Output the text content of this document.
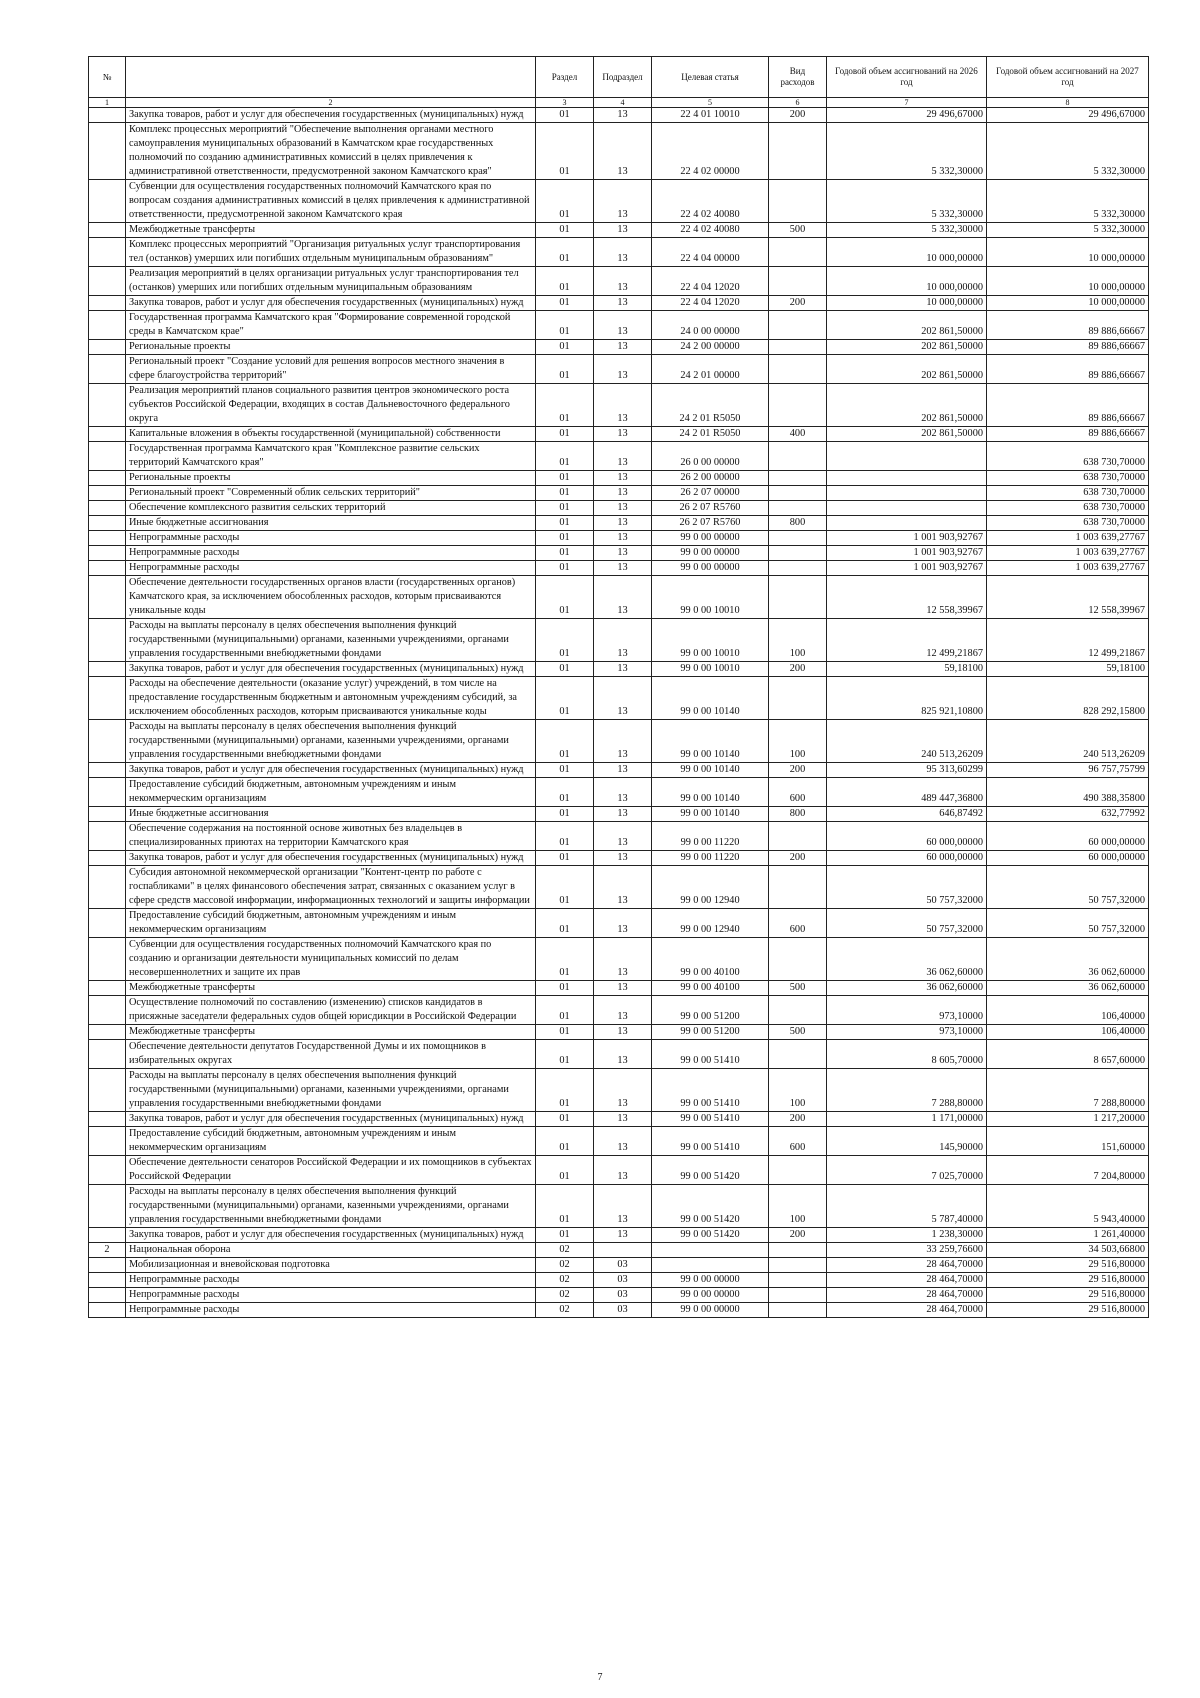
№		Раздел	Подраздел	Целевая статья	Вид расходов	Годовой объем ассигнований на 2026 год	Годовой объем ассигнований на 2027 год
1	2	3	4	5	6	7	8
	Закупка товаров, работ и услуг для обеспечения государственных (муниципальных) нужд	01	13	22 4 01 10010	200	29 496,67000	29 496,67000
	Комплекс процессных мероприятий "Обеспечение выполнения органами местного самоуправления муниципальных образований в Камчатском крае государственных полномочий по созданию административных комиссий в целях привлечения к административной ответственности, предусмотренной законом Камчатского края"	01	13	22 4 02 00000		5 332,30000	5 332,30000
	Субвенции для осуществления государственных полномочий Камчатского края по вопросам создания административных комиссий в целях привлечения к административной ответственности, предусмотренной законом Камчатского края	01	13	22 4 02 40080		5 332,30000	5 332,30000
	Межбюджетные трансферты	01	13	22 4 02 40080	500	5 332,30000	5 332,30000
	Комплекс процессных мероприятий "Организация ритуальных услуг транспортирования тел (останков) умерших или погибших отдельным муниципальным образованиям"	01	13	22 4 04 00000		10 000,00000	10 000,00000
	Реализация мероприятий в целях организации ритуальных услуг транспортирования тел (останков) умерших или погибших отдельным муниципальным образованиям	01	13	22 4 04 12020		10 000,00000	10 000,00000
	Закупка товаров, работ и услуг для обеспечения государственных (муниципальных) нужд	01	13	22 4 04 12020	200	10 000,00000	10 000,00000
	Государственная программа Камчатского края "Формирование современной городской среды в Камчатском крае"	01	13	24 0 00 00000		202 861,50000	89 886,66667
	Региональные проекты	01	13	24 2 00 00000		202 861,50000	89 886,66667
	Региональный проект "Создание условий для решения вопросов местного значения в сфере благоустройства территорий"	01	13	24 2 01 00000		202 861,50000	89 886,66667
	Реализация мероприятий планов социального развития центров экономического роста субъектов Российской Федерации, входящих в состав Дальневосточного федерального округа	01	13	24 2 01 R5050		202 861,50000	89 886,66667
	Капитальные вложения в объекты государственной (муниципальной) собственности	01	13	24 2 01 R5050	400	202 861,50000	89 886,66667
	Государственная программа Камчатского края "Комплексное развитие сельских территорий Камчатского края"	01	13	26 0 00 00000			638 730,70000
	Региональные проекты	01	13	26 2 00 00000			638 730,70000
	Региональный проект "Современный облик сельских территорий"	01	13	26 2 07 00000			638 730,70000
	Обеспечение комплексного развития сельских территорий	01	13	26 2 07 R5760			638 730,70000
	Иные бюджетные ассигнования	01	13	26 2 07 R5760	800		638 730,70000
	Непрограммные расходы	01	13	99 0 00 00000		1 001 903,92767	1 003 639,27767
	Непрограммные расходы	01	13	99 0 00 00000		1 001 903,92767	1 003 639,27767
	Непрограммные расходы	01	13	99 0 00 00000		1 001 903,92767	1 003 639,27767
	Обеспечение деятельности государственных органов власти (государственных органов) Камчатского края, за исключением обособленных расходов, которым присваиваются уникальные коды	01	13	99 0 00 10010		12 558,39967	12 558,39967
	Расходы на выплаты персоналу в целях обеспечения выполнения функций государственными (муниципальными) органами, казенными учреждениями, органами управления государственными внебюджетными фондами	01	13	99 0 00 10010	100	12 499,21867	12 499,21867
	Закупка товаров, работ и услуг для обеспечения государственных (муниципальных) нужд	01	13	99 0 00 10010	200	59,18100	59,18100
	Расходы на обеспечение деятельности (оказание услуг) учреждений, в том числе на предоставление государственным бюджетным и автономным учреждениям субсидий, за исключением обособленных расходов, которым присваиваются уникальные коды	01	13	99 0 00 10140		825 921,10800	828 292,15800
	Расходы на выплаты персоналу в целях обеспечения выполнения функций государственными (муниципальными) органами, казенными учреждениями, органами управления государственными внебюджетными фондами	01	13	99 0 00 10140	100	240 513,26209	240 513,26209
	Закупка товаров, работ и услуг для обеспечения государственных (муниципальных) нужд	01	13	99 0 00 10140	200	95 313,60299	96 757,75799
	Предоставление субсидий бюджетным, автономным учреждениям и иным некоммерческим организациям	01	13	99 0 00 10140	600	489 447,36800	490 388,35800
	Иные бюджетные ассигнования	01	13	99 0 00 10140	800	646,87492	632,77992
	Обеспечение содержания на постоянной основе животных без владельцев в специализированных приютах на территории Камчатского края	01	13	99 0 00 11220		60 000,00000	60 000,00000
	Закупка товаров, работ и услуг для обеспечения государственных (муниципальных) нужд	01	13	99 0 00 11220	200	60 000,00000	60 000,00000
	Субсидия автономной некоммерческой организации "Контент-центр по работе с госпабликами" в целях финансового обеспечения затрат, связанных с оказанием услуг в сфере средств массовой информации, информационных технологий и защиты информации	01	13	99 0 00 12940		50 757,32000	50 757,32000
	Предоставление субсидий бюджетным, автономным учреждениям и иным некоммерческим организациям	01	13	99 0 00 12940	600	50 757,32000	50 757,32000
	Субвенции для осуществления государственных полномочий Камчатского края по созданию и организации деятельности муниципальных комиссий по делам несовершеннолетних и защите их прав	01	13	99 0 00 40100		36 062,60000	36 062,60000
	Межбюджетные трансферты	01	13	99 0 00 40100	500	36 062,60000	36 062,60000
	Осуществление полномочий по составлению (изменению) списков кандидатов в присяжные заседатели федеральных судов общей юрисдикции в Российской Федерации	01	13	99 0 00 51200		973,10000	106,40000
	Межбюджетные трансферты	01	13	99 0 00 51200	500	973,10000	106,40000
	Обеспечение деятельности депутатов Государственной Думы и их помощников в избирательных округах	01	13	99 0 00 51410		8 605,70000	8 657,60000
	Расходы на выплаты персоналу в целях обеспечения выполнения функций государственными (муниципальными) органами, казенными учреждениями, органами управления государственными внебюджетными фондами	01	13	99 0 00 51410	100	7 288,80000	7 288,80000
	Закупка товаров, работ и услуг для обеспечения государственных (муниципальных) нужд	01	13	99 0 00 51410	200	1 171,00000	1 217,20000
	Предоставление субсидий бюджетным, автономным учреждениям и иным некоммерческим организациям	01	13	99 0 00 51410	600	145,90000	151,60000
	Обеспечение деятельности сенаторов Российской Федерации и их помощников в субъектах Российской Федерации	01	13	99 0 00 51420		7 025,70000	7 204,80000
	Расходы на выплаты персоналу в целях обеспечения выполнения функций государственными (муниципальными) органами, казенными учреждениями, органами управления государственными внебюджетными фондами	01	13	99 0 00 51420	100	5 787,40000	5 943,40000
	Закупка товаров, работ и услуг для обеспечения государственных (муниципальных) нужд	01	13	99 0 00 51420	200	1 238,30000	1 261,40000
2	Национальная оборона	02				33 259,76600	34 503,66800
	Мобилизационная и вневойсковая подготовка	02	03			28 464,70000	29 516,80000
	Непрограммные расходы	02	03	99 0 00 00000		28 464,70000	29 516,80000
	Непрограммные расходы	02	03	99 0 00 00000		28 464,70000	29 516,80000
	Непрограммные расходы	02	03	99 0 00 00000		28 464,70000	29 516,80000
7
